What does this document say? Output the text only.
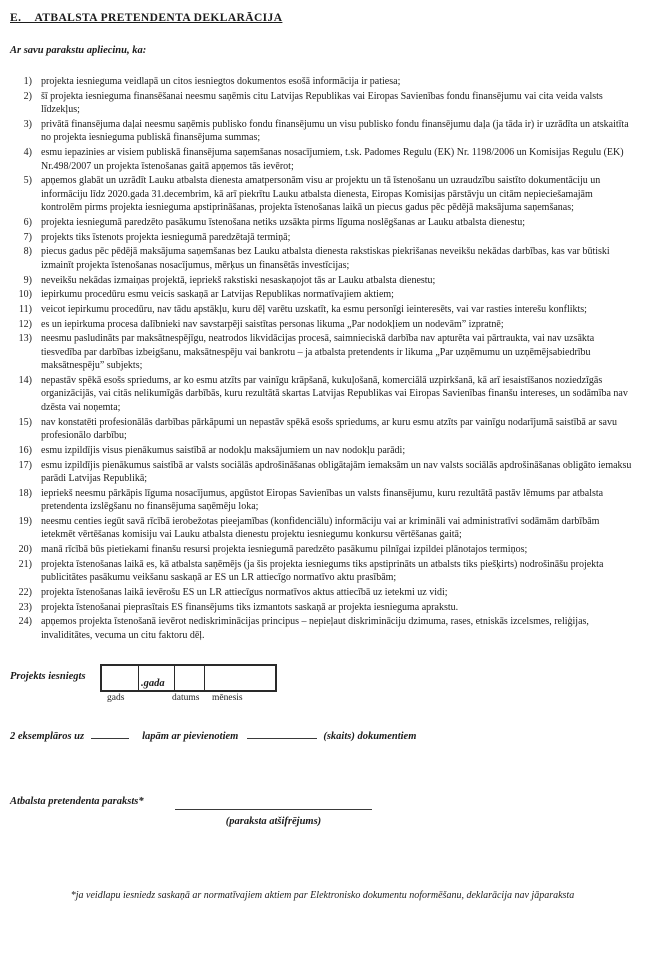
E.    ATBALSTA PRETENDENTA DEKLARĀCIJA

Ar savu parakstu apliecinu, ka:

1) projekta iesnieguma veidlapā un citos iesniegtos dokumentos esošā informācija ir patiesa;
2) šī projekta iesnieguma finansēšanai neesmu saņēmis citu Latvijas Republikas vai Eiropas Savienības fondu finansējumu vai cita veida valsts līdzekļus;
3) privātā finansējuma daļai neesmu saņēmis publisko fondu finansējumu un visu publisko fondu finansējumu daļa (ja tāda ir) ir uzrādīta un atskaitīta no projekta iesnieguma publiskā finansējuma summas;
4) esmu iepazinies ar visiem publiskā finansējuma saņemšanas nosacījumiem, t.sk. Padomes Regulu (EK) Nr. 1198/2006 un Komisijas Regulu (EK) Nr.498/2007 un projekta īstenošanas gaitā apņemos tās ievērot;
5) apņemos glabāt un uzrādīt Lauku atbalsta dienesta amatpersonām visu ar projektu un tā īstenošanu un uzraudzību saistīto dokumentāciju un informāciju līdz 2020.gada 31.decembrim, kā arī piekrītu Lauku atbalsta dienesta, Eiropas Komisijas pārstāvju un citām nepieciešamajām kontrolēm pirms projekta iesnieguma apstiprināšanas, projekta īstenošanas laikā un piecus gadus pēc pēdējā maksājuma saņemšanas;
6) projekta iesniegumā paredzēto pasākumu īstenošana netiks uzsākta pirms līguma noslēgšanas ar Lauku atbalsta dienestu;
7) projekts tiks īstenots projekta iesniegumā paredzētajā termiņā;
8) piecus gadus pēc pēdējā maksājuma saņemšanas bez Lauku atbalsta dienesta rakstiskas piekrišanas neveikšu nekādas darbības, kas var būtiski izmainīt projekta īstenošanas nosacījumus, mērķus un finansētās investīcijas;
9) neveikšu nekādas izmaiņas projektā, iepriekš rakstiski nesaskaņojot tās ar Lauku atbalsta dienestu;
10) iepirkumu procedūru esmu veicis saskaņā ar Latvijas Republikas normatīvajiem aktiem;
11) veicot iepirkumu procedūru, nav tādu apstākļu, kuru dēļ varētu uzskatīt, ka esmu personīgi ieinteresēts, vai var rasties interešu konflikts;
12) es un iepirkuma procesa dalībnieki nav savstarpēji saistītas personas likuma „Par nodokļiem un nodevām” izpratnē;
13) neesmu pasludināts par maksātnespējīgu, neatrodos likvidācijas procesā, saimnieciskā darbība nav apturēta vai pārtraukta, vai nav uzsākta tiesvedība par darbības izbeigšanu, maksātnespēju vai bankrotu – ja atbalsta pretendents ir likuma „Par uzņēmumu un uzņēmējsabiedrību maksātnespēju” subjekts;
14) nepastāv spēkā esošs spriedums, ar ko esmu atzīts par vainīgu krāpšanā, kukuļošanā, komerciālā uzpirkšanā, kā arī iesaistīšanos noziedzīgās organizācijās, vai citās nelikumīgās darbībās, kuru rezultātā skartas Latvijas Republikas vai Eiropas Savienības finanšu intereses, un sodāmība nav dzēsta vai noņemta;
15) nav konstatēti profesionālās darbības pārkāpumi un nepastāv spēkā esošs spriedums, ar kuru esmu atzīts par vainīgu nodarījumā saistībā ar savu profesionālo darbību;
16) esmu izpildījis visus pienākumus saistībā ar nodokļu maksājumiem un nav nodokļu parādi;
17) esmu izpildījis pienākumus saistībā ar valsts sociālās apdrošināšanas obligātajām iemaksām un nav valsts sociālās apdrošināšanas obligāto iemaksu parādi Latvijas Republikā;
18) iepriekš neesmu pārkāpis līguma nosacījumus, apgūstot Eiropas Savienības un valsts finansējumu, kuru rezultātā pastāv lēmums par atbalsta pretendenta izslēgšanu no finansējuma saņēmēju loka;
19) neesmu centies iegūt savā rīcībā ierobežotas pieejamības (konfidenciālu) informāciju vai ar krimināli vai administratīvi sodāmām darbībām ietekmēt vērtēšanas komisiju vai Lauku atbalsta dienestu projektu iesniegumu konkursu vērtēšanas gaitā;
20) manā rīcībā būs pietiekami finanšu resursi projekta iesniegumā paredzēto pasākumu pilnīgai izpildei plānotajos termiņos;
21) projekta īstenošanas laikā es, kā atbalsta saņēmējs (ja šis projekta iesniegums tiks apstiprināts un atbalsts tiks piešķirts) nodrošināšu projekta publicitātes pasākumu veikšanu saskaņā ar ES un LR attiecīgo normatīvo aktu prasībām;
22) projekta īstenošanas laikā ievērošu ES un LR attiecīgus normatīvos aktus attiecībā uz ietekmi uz vidi;
23) projekta īstenošanai pieprasītais ES finansējums tiks izmantots saskaņā ar projekta iesnieguma aprakstu.
24) apņemos projekta īstenošanā ievērot nediskriminācijas principus – nepieļaut diskrimināciju dzimuma, rases, etniskās izcelsmes, reliģijas, invaliditātes, vecuma un citu faktoru dēļ.
Projekts iesniegts
.gada
gads	datums mēnesis
2 eksemplāros uz	lapām ar pievienotiem	(skaits) dokumentiem
Atbalsta pretendenta paraksts*
(paraksta atšifrējums)
*ja veidlapu iesniedz saskaņā ar normatīvajiem aktiem par Elektronisko dokumentu noformēšanu, deklarācija nav jāparaksta
